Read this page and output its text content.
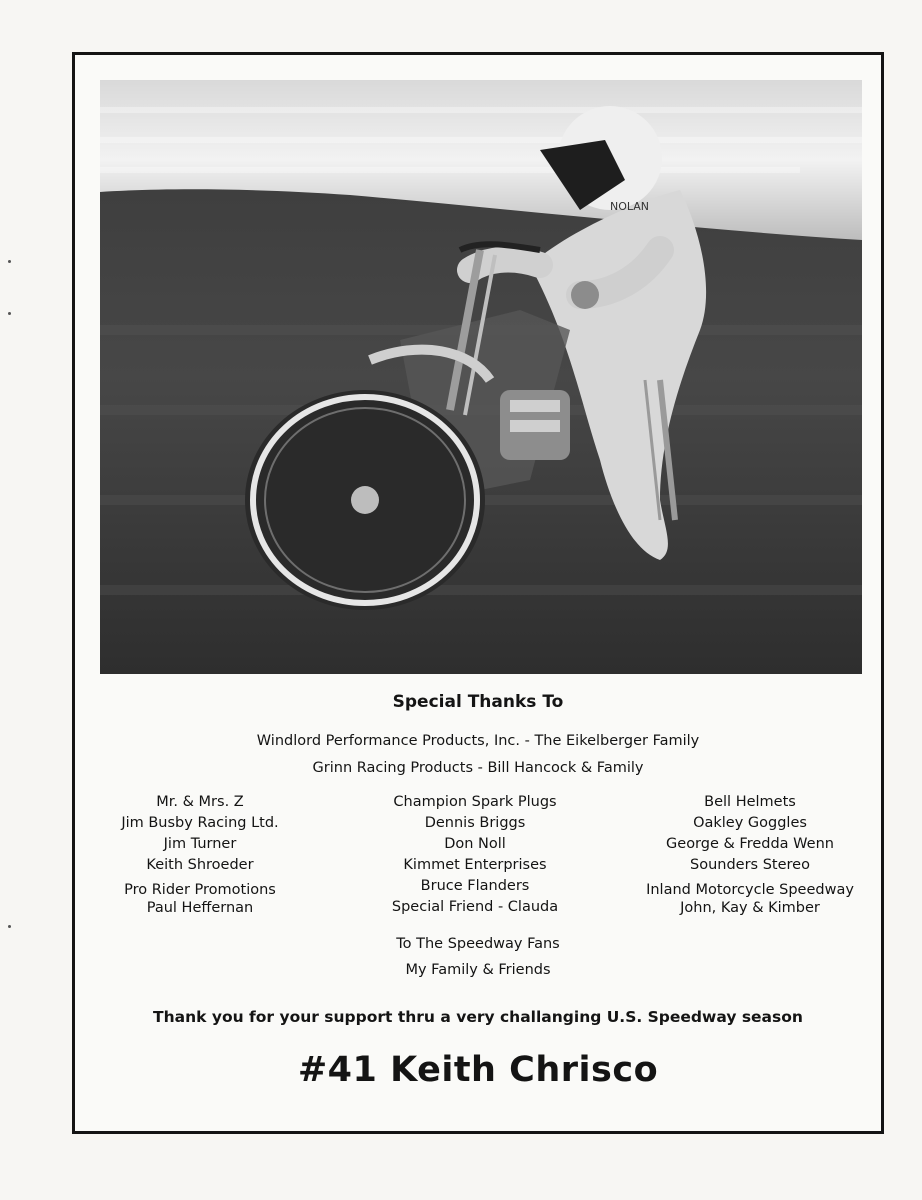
NOLAN
Special Thanks To
Windlord Performance Products, Inc. - The Eikelberger Family
Grinn Racing Products - Bill Hancock & Family
Mr. & Mrs. Z
Jim Busby Racing Ltd.
Jim Turner
Keith Shroeder
Pro Rider Promotions
Paul Heffernan
Champion Spark Plugs
Dennis Briggs
Don Noll
Kimmet Enterprises
Bruce Flanders
Special Friend - Clauda
Bell Helmets
Oakley Goggles
George & Fredda Wenn
Sounders Stereo
Inland Motorcycle Speedway
John, Kay & Kimber
To The Speedway Fans
My Family & Friends
Thank you for your support thru a very challanging U.S. Speedway season
#41 Keith Chrisco
